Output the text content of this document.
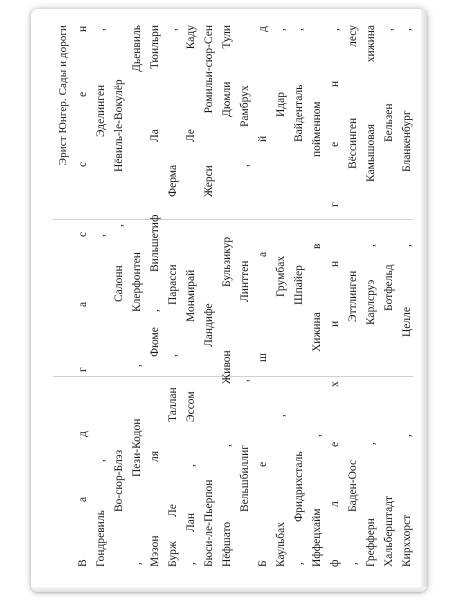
Эрист Юнгер. Сады и дороги
Кирххорст
,
Целле
,
Бланкенбург
,
Хальберштадт
Ботфельд
Бельзен
,
Грефферн
,
Карлсруэ
,
Камышовая
хижина
,
Баден-Оос
Эттлинген
Вёссинген
лесу
ф
л
е
х
и
н
г
е
н
,
Иффецхайм
,
Хижина
в
пойменном
,
Фридрихсталь
Шпайер
Вайденталь
,
Каульбах
,
Грумбах
Идар
,
Б
е
ш
а
й
д
Вельшбиллиг
,
Линттен
,
Рамбрух
Нёфшато
,
Живон
Бульзикур
Дюмли
Тули
Бюси-ле-Пьерпон
Ландифе
Жерси
Ромильи-сюр-Сен
,
Лан
,
Эссом
Монмирай
Ле
Каду
Бурж
Ле
Таллан
,
Парасси
Ферма
,
Мэзон
ля
Фюме
,
Вильшетиф
Ла
Тюильри
,
Пези-Кодон
,
Клерфонтен
Дьенвиль
Во-сюр-Блэз
Салонн
,
Нёвиль-le-Вокулёр
Гондревиль
,
,
Эделинген
,
В
а
д
г
а
с
с
е
н
